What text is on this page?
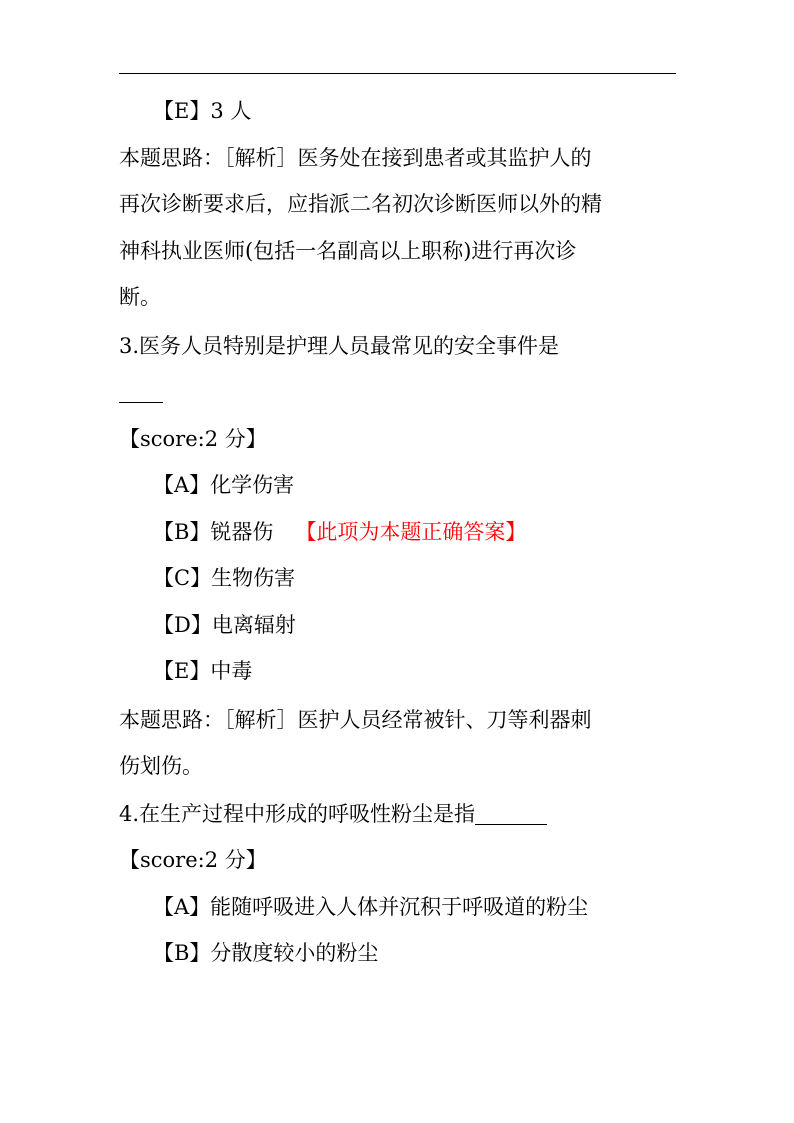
【E】3 人
本题思路：［解析］医务处在接到患者或其监护人的
再次诊断要求后，应指派二名初次诊断医师以外的精
神科执业医师(包括一名副高以上职称)进行再次诊
断。
3.医务人员特别是护理人员最常见的安全事件是
【score:2 分】
【A】化学伤害
【B】锐器伤 【此项为本题正确答案】
【C】生物伤害
【D】电离辐射
【E】中毒
本题思路：［解析］医护人员经常被针、刀等利器刺
伤划伤。
4.在生产过程中形成的呼吸性粉尘是指
【score:2 分】
【A】能随呼吸进入人体并沉积于呼吸道的粉尘
【B】分散度较小的粉尘
